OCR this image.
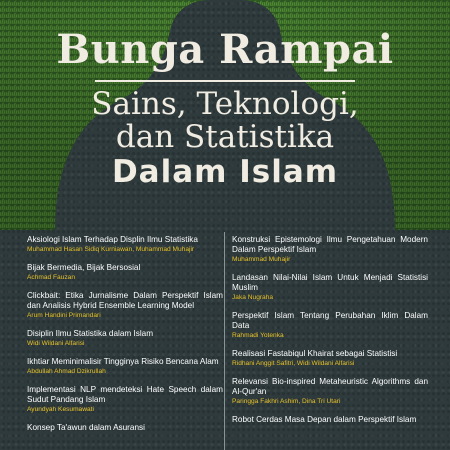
Bunga Rampai
Sains, Teknologi,
dan Statistika
Dalam Islam
Aksiologi Islam Terhadap Displin Ilmu Statistika
Muhammad Hasan Sidiq Kurniawan, Muhammad Muhajir
Bijak Bermedia, Bijak Bersosial
Achmad Fauzan
Clickbait: Etika Jurnalisme Dalam Perspektif Islam dan Analisis Hybrid Ensemble Learning Model
Arum Handini Primandari
Disiplin Ilmu Statistika dalam Islam
Widi Wildani Alfarisi
Ikhtiar Meminimalisir Tingginya Risiko Bencana Alam
Abdullah Ahmad Dzikrullah
Implementasi NLP mendeteksi Hate Speech dalam Sudut Pandang Islam
Ayundyah Kesumawati
Konsep Ta'awun dalam Asuransi
Konstruksi Epistemologi Ilmu Pengetahuan Modern Dalam Perspektif Islam
Muhammad Muhajir
Landasan Nilai-Nilai Islam Untuk Menjadi Statistisi Muslim
Jaka Nugraha
Perspektif Islam Tentang Perubahan Iklim Dalam Data
Rahmadi Yotenka
Realisasi Fastabiqul Khairat sebagai Statistisi
Ridhani Anggit Safitri, Widi Wildani Alfarisi
Relevansi Bio-inspired Metaheuristic Algorithms dan Al-Qur'an
Paringga Fakhri Ashim, Dina Tri Utari
Robot Cerdas Masa Depan dalam Perspektif Islam
